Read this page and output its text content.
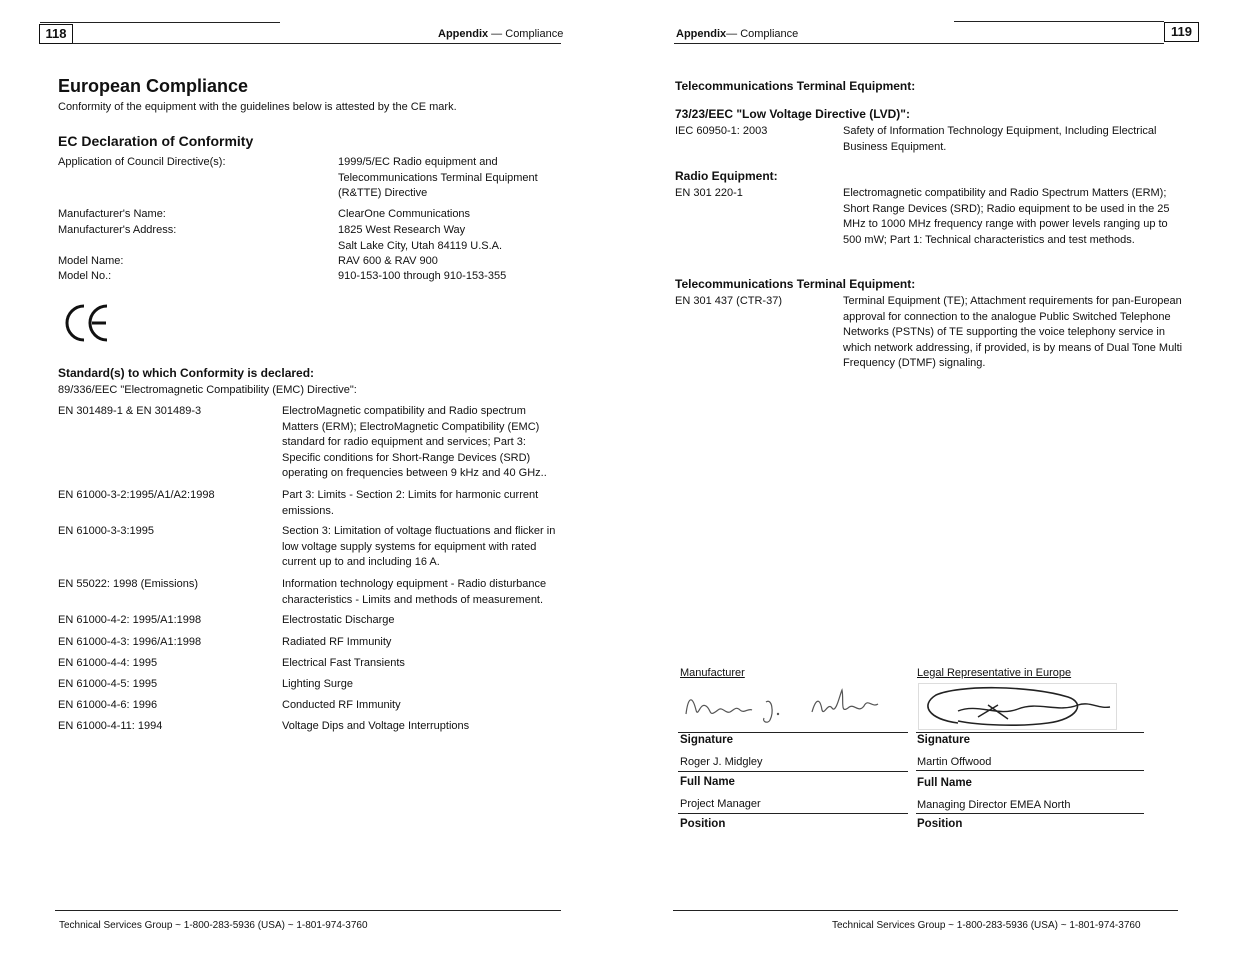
118	Appendix — Compliance
European Compliance
Conformity of the equipment with the guidelines below is attested by the CE mark.
EC Declaration of Conformity
Application of Council Directive(s):	1999/5/EC Radio equipment and
Telecommunications Terminal Equipment
(R&TTE) Directive
Manufacturer's Name:	ClearOne Communications
Manufacturer's Address:	1825 West Research Way
Salt Lake City, Utah 84119 U.S.A.
Model Name:	RAV 600 & RAV 900
Model No.:	910-153-100 through 910-153-355
Standard(s) to which Conformity is declared:
89/336/EEC "Electromagnetic Compatibility (EMC) Directive":
EN 301489-1 & EN 301489-3	ElectroMagnetic compatibility and Radio spectrum Matters (ERM); ElectroMagnetic Compatibility (EMC) standard for radio equipment and services; Part 3: Specific conditions for Short-Range Devices (SRD) operating on frequencies between 9 kHz and 40 GHz..
EN 61000-3-2:1995/A1/A2:1998	Part 3: Limits - Section 2: Limits for harmonic current emissions.
EN 61000-3-3:1995	Section 3: Limitation of voltage fluctuations and flicker in low voltage supply systems for equipment with rated current up to and including 16 A.
EN 55022: 1998 (Emissions)	Information technology equipment - Radio disturbance characteristics - Limits and methods of measurement.
EN 61000-4-2: 1995/A1:1998	Electrostatic Discharge
EN 61000-4-3: 1996/A1:1998	Radiated RF Immunity
EN 61000-4-4: 1995	Electrical Fast Transients
EN 61000-4-5: 1995	Lighting Surge
EN 61000-4-6: 1996	Conducted RF Immunity
EN 61000-4-11: 1994	Voltage Dips and Voltage Interruptions
Technical Services Group ~ 1-800-283-5936 (USA) ~ 1-801-974-3760
119
Appendix— Compliance
Telecommunications Terminal Equipment:
73/23/EEC "Low Voltage Directive (LVD)":
IEC 60950-1: 2003	Safety of Information Technology Equipment, Including Electrical Business Equipment.
Radio Equipment:
EN 301 220-1	Electromagnetic compatibility and Radio Spectrum Matters (ERM); Short Range Devices (SRD); Radio equipment to be used in the 25 MHz to 1000 MHz frequency range with power levels ranging up to 500 mW; Part 1: Technical characteristics and test methods.
Telecommunications Terminal Equipment:
EN 301 437 (CTR-37)	Terminal Equipment (TE); Attachment requirements for pan-European approval for connection to the analogue Public Switched Telephone Networks (PSTNs) of TE supporting the voice telephony service in which network addressing, if provided, is by means of Dual Tone Multi Frequency (DTMF) signaling.
Manufacturer
Signature
Roger J. Midgley
Full Name
Project Manager
Position
Legal Representative in Europe
Signature
Martin Offwood
Full Name
Managing Director EMEA North
Position
Technical Services Group ~ 1-800-283-5936 (USA) ~ 1-801-974-3760
